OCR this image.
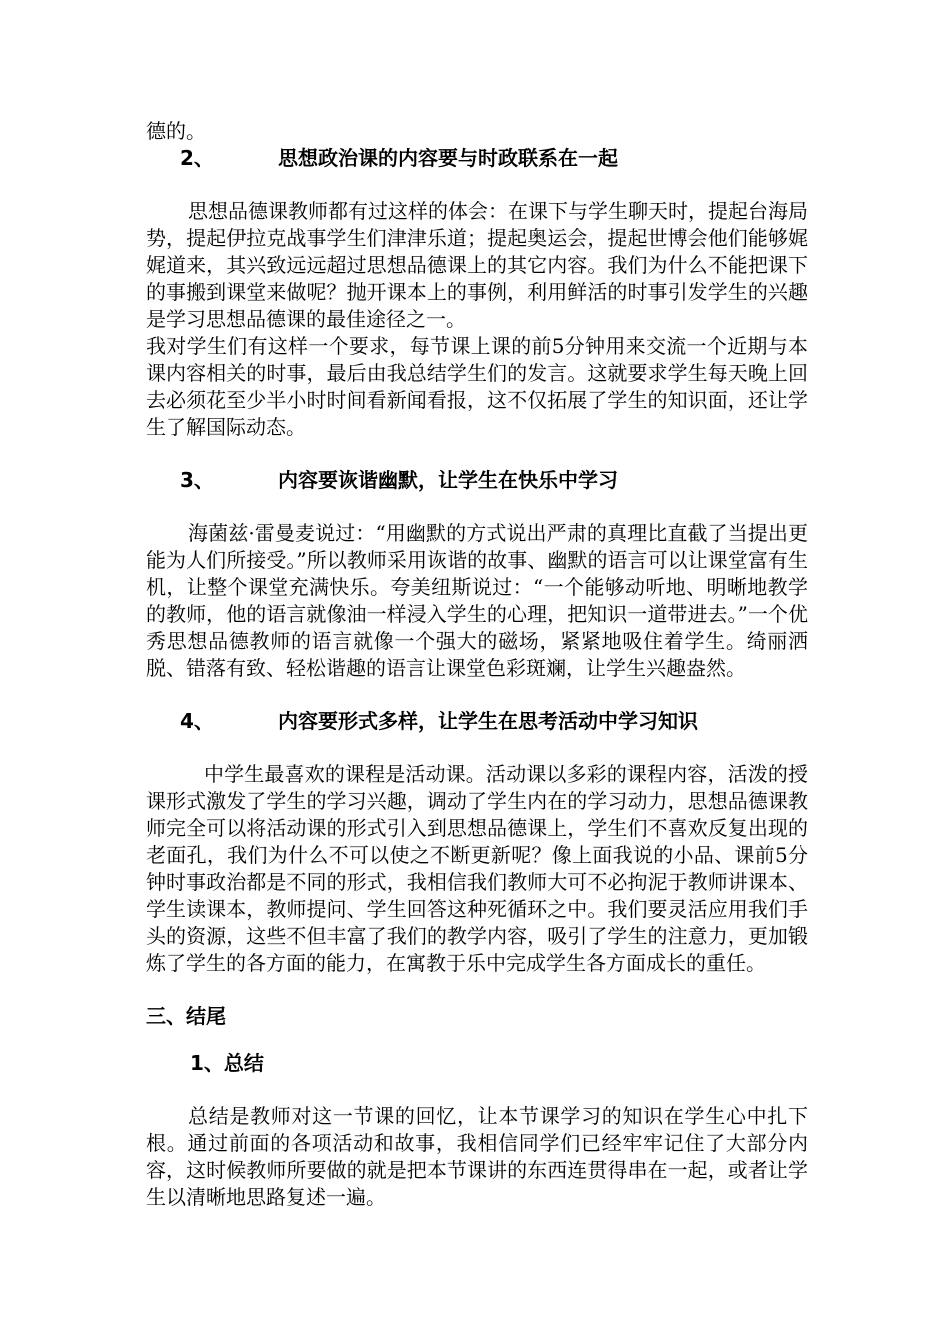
德的。

2、	思想政治课的内容要与时政联系在一起

思想品德课教师都有过这样的体会：在课下与学生聊天时，提起台海局势，提起伊拉克战事学生们津津乐道；提起奥运会，提起世博会他们能够娓娓道来，其兴致远远超过思想品德课上的其它内容。我们为什么不能把课下的事搬到课堂来做呢？抛开课本上的事例，利用鲜活的时事引发学生的兴趣是学习思想品德课的最佳途径之一。

我对学生们有这样一个要求，每节课上课的前5分钟用来交流一个近期与本课内容相关的时事，最后由我总结学生们的发言。这就要求学生每天晚上回去必须花至少半小时时间看新闻看报，这不仅拓展了学生的知识面，还让学生了解国际动态。

3、	内容要诙谐幽默，让学生在快乐中学习

海菌兹·雷曼麦说过：“用幽默的方式说出严肃的真理比直截了当提出更能为人们所接受。”所以教师采用诙谐的故事、幽默的语言可以让课堂富有生机，让整个课堂充满快乐。夸美纽斯说过：“一个能够动听地、明晰地教学的教师，他的语言就像油一样浸入学生的心理，把知识一道带进去。”一个优秀思想品德教师的语言就像一个强大的磁场，紧紧地吸住着学生。绮丽洒脱、错落有致、轻松谐趣的语言让课堂色彩斑斓，让学生兴趣盎然。

4、	内容要形式多样，让学生在思考活动中学习知识

中学生最喜欢的课程是活动课。活动课以多彩的课程内容，活泼的授课形式激发了学生的学习兴趣，调动了学生内在的学习动力，思想品德课教师完全可以将活动课的形式引入到思想品德课上，学生们不喜欢反复出现的老面孔，我们为什么不可以使之不断更新呢？像上面我说的小品、课前5分钟时事政治都是不同的形式，我相信我们教师大可不必拘泥于教师讲课本、学生读课本，教师提问、学生回答这种死循环之中。我们要灵活应用我们手头的资源，这些不但丰富了我们的教学内容，吸引了学生的注意力，更加锻炼了学生的各方面的能力，在寓教于乐中完成学生各方面成长的重任。

三、结尾
1、总结

总结是教师对这一节课的回忆，让本节课学习的知识在学生心中扎下根。通过前面的各项活动和故事，我相信同学们已经牢牢记住了大部分内容，这时候教师所要做的就是把本节课讲的东西连贯得串在一起，或者让学生以清晰地思路复述一遍。
